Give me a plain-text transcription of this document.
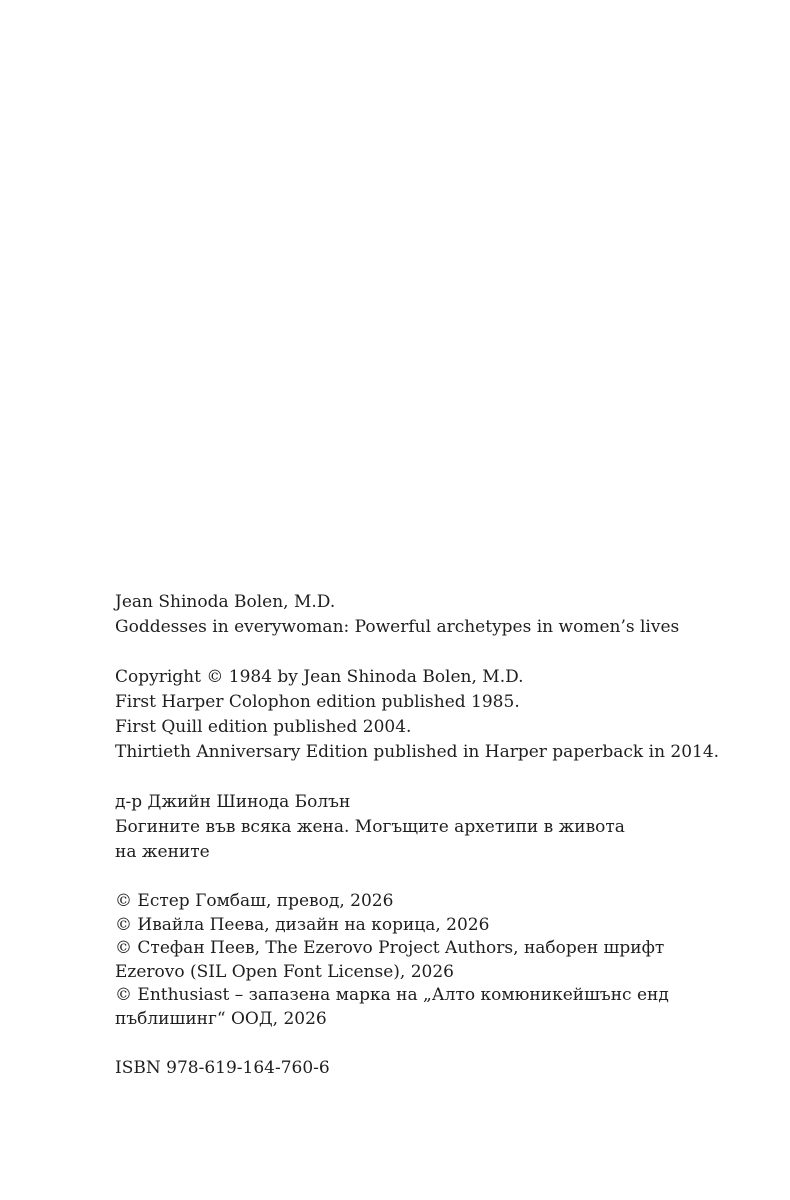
Jean Shinoda Bolen, M.D.
Goddesses in everywoman: Powerful archetypes in women’s lives
Copyright © 1984 by Jean Shinoda Bolen, M.D.
First Harper Colophon edition published 1985.
First Quill edition published 2004.
Thirtieth Anniversary Edition published in Harper paperback in 2014.
д-р Джийн Шинода Болън
Богините във всяка жена. Могъщите архетипи в живота
на жените
© Естер Гомбаш, превод, 2026
© Ивайла Пеева, дизайн на корица, 2026
© Стефан Пеев, The Ezerovo Project Authors, наборен шрифт
Ezerovo (SIL Open Font License), 2026
© Enthusiast – запазена марка на „Алто комюникейшънс енд
пъблишинг“ ООД, 2026
ISBN 978-619-164-760-6
